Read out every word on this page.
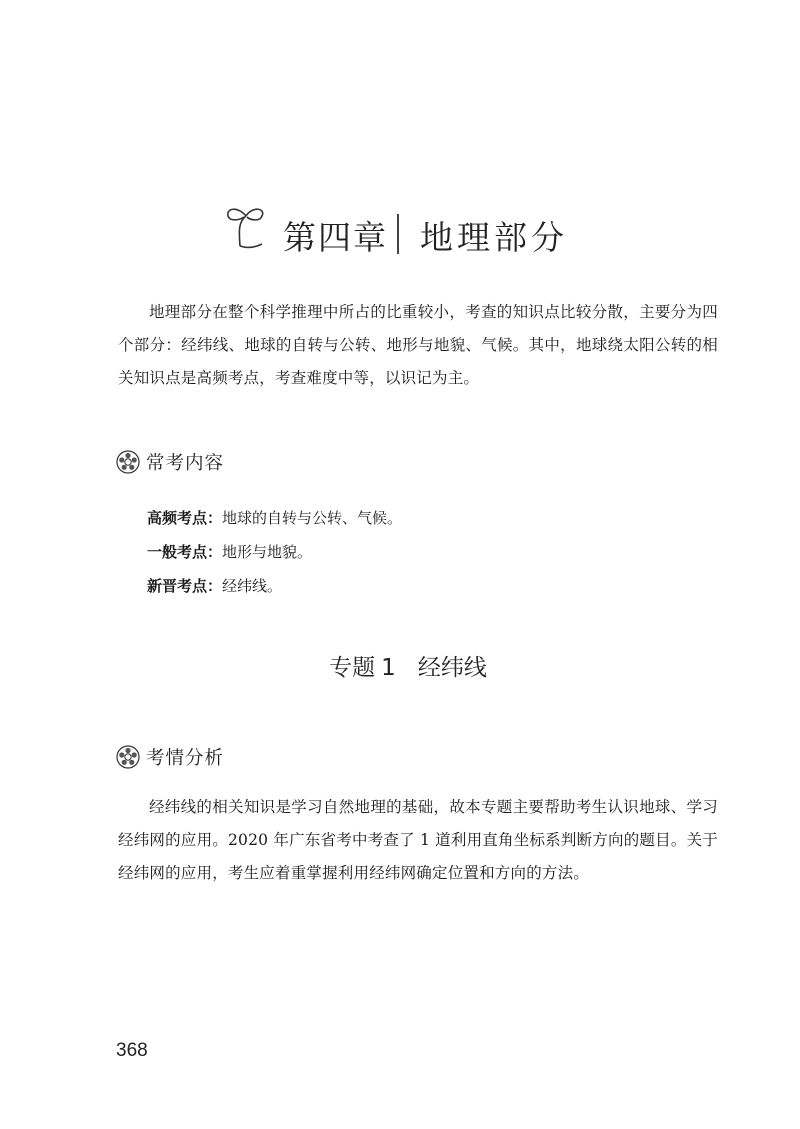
第四章 地理部分

地理部分在整个科学推理中所占的比重较小，考查的知识点比较分散，主要分为四个部分：经纬线、地球的自转与公转、地形与地貌、气候。其中，地球绕太阳公转的相关知识点是高频考点，考查难度中等，以识记为主。

常考内容
高频考点：地球的自转与公转、气候。
一般考点：地形与地貌。
新晋考点：经纬线。
专题 1 经纬线
考情分析

经纬线的相关知识是学习自然地理的基础，故本专题主要帮助考生认识地球、学习经纬网的应用。2020 年广东省考中考查了 1 道利用直角坐标系判断方向的题目。关于经纬网的应用，考生应着重掌握利用经纬网确定位置和方向的方法。

368
